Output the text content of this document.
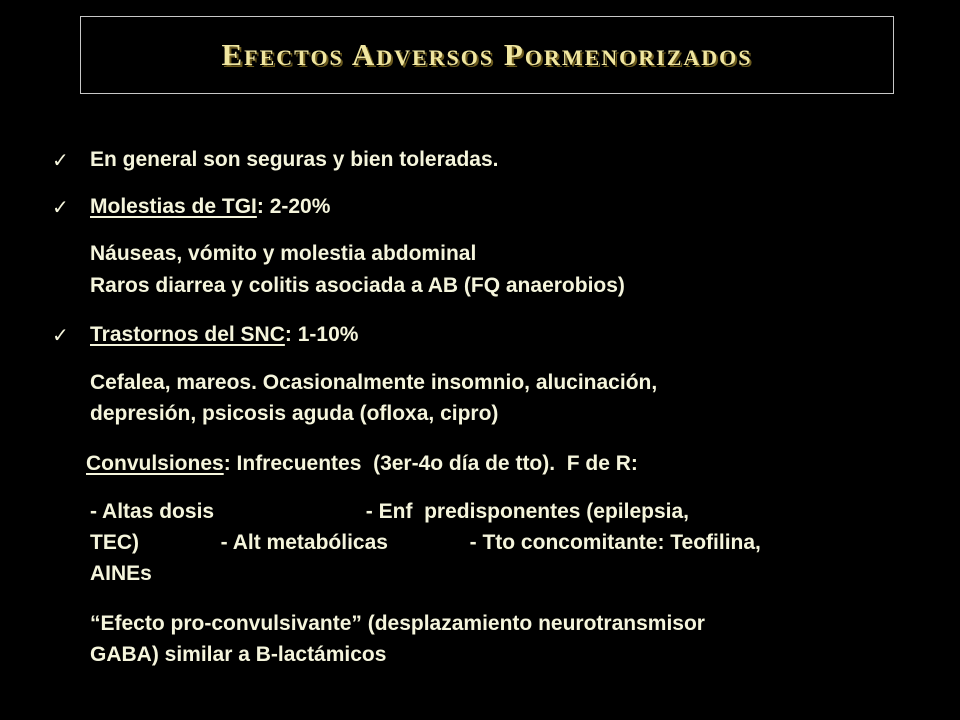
Efectos Adversos Pormenorizados
✓ En general son seguras y bien toleradas.
✓ Molestias de TGI: 2-20%
Náuseas, vómito y molestia abdominal
Raros diarrea y colitis asociada a AB (FQ anaerobios)
✓ Trastornos del SNC: 1-10%
Cefalea, mareos. Ocasionalmente insomnio, alucinación,
depresión, psicosis aguda (ofloxa, cipro)
Convulsiones: Infrecuentes  (3er-4o día de tto).  F de R:
- Altas dosis                          - Enf  predisponentes (epilepsia,
TEC)              - Alt metabólicas              - Tto concomitante: Teofilina,
AINEs
“Efecto pro-convulsivante” (desplazamiento neurotransmisor
GABA) similar a B-lactámicos
